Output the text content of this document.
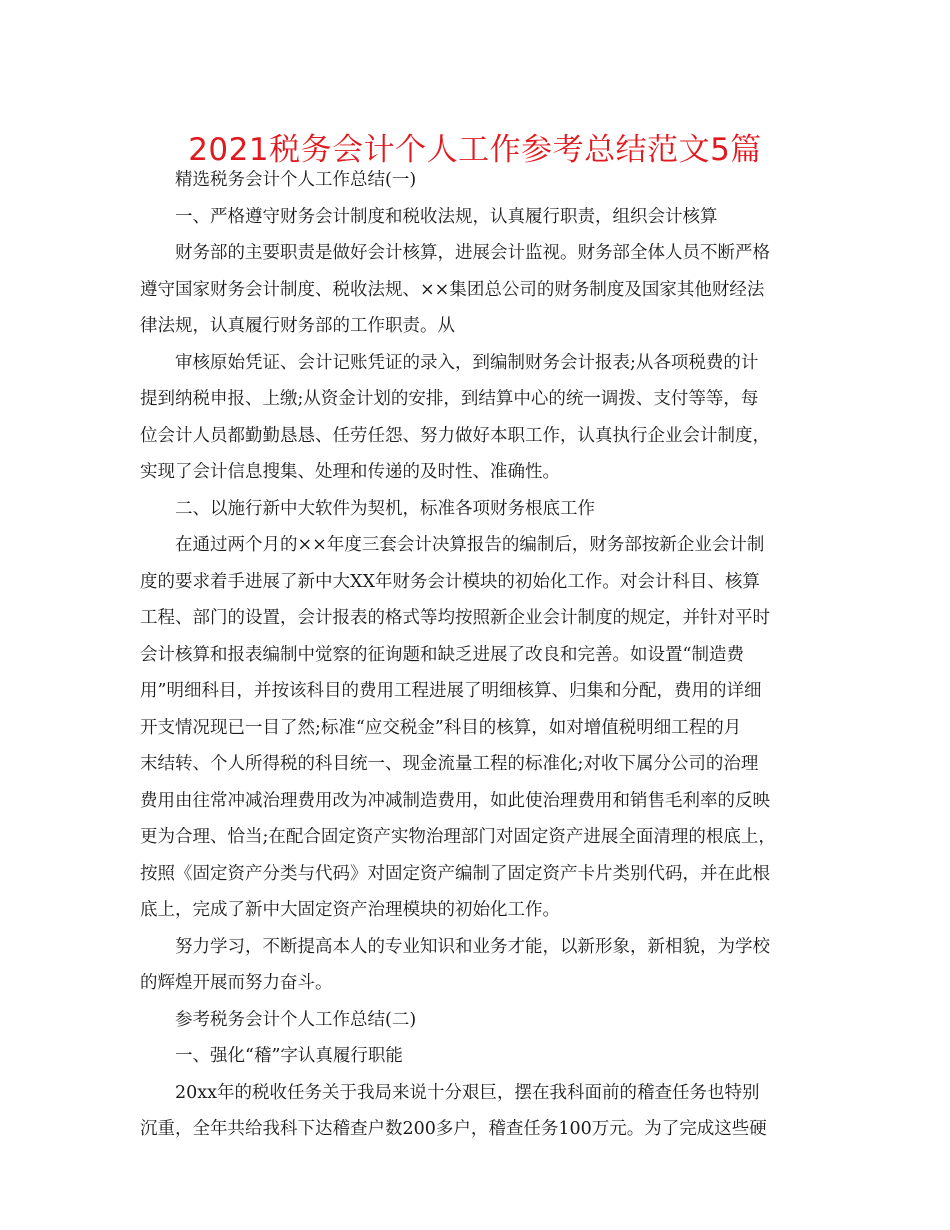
2021税务会计个人工作参考总结范文5篇
精选税务会计个人工作总结(一)
一、严格遵守财务会计制度和税收法规，认真履行职责，组织会计核算
财务部的主要职责是做好会计核算，进展会计监视。财务部全体人员不断严格
遵守国家财务会计制度、税收法规、××集团总公司的财务制度及国家其他财经法
律法规，认真履行财务部的工作职责。从
审核原始凭证、会计记账凭证的录入，到编制财务会计报表;从各项税费的计
提到纳税申报、上缴;从资金计划的安排，到结算中心的统一调拨、支付等等，每
位会计人员都勤勤恳恳、任劳任怨、努力做好本职工作，认真执行企业会计制度，
实现了会计信息搜集、处理和传递的及时性、准确性。
二、以施行新中大软件为契机，标准各项财务根底工作
在通过两个月的××年度三套会计决算报告的编制后，财务部按新企业会计制
度的要求着手进展了新中大XX年财务会计模块的初始化工作。对会计科目、核算
工程、部门的设置，会计报表的格式等均按照新企业会计制度的规定，并针对平时
会计核算和报表编制中觉察的征询题和缺乏进展了改良和完善。如设置“制造费
用”明细科目，并按该科目的费用工程进展了明细核算、归集和分配，费用的详细
开支情况现已一目了然;标准“应交税金”科目的核算，如对增值税明细工程的月
末结转、个人所得税的科目统一、现金流量工程的标准化;对收下属分公司的治理
费用由往常冲减治理费用改为冲减制造费用，如此使治理费用和销售毛利率的反映
更为合理、恰当;在配合固定资产实物治理部门对固定资产进展全面清理的根底上，
按照《固定资产分类与代码》对固定资产编制了固定资产卡片类别代码，并在此根
底上，完成了新中大固定资产治理模块的初始化工作。
努力学习，不断提高本人的专业知识和业务才能，以新形象，新相貌，为学校
的辉煌开展而努力奋斗。
参考税务会计个人工作总结(二)
一、强化“稽”字认真履行职能
20xx年的税收任务关于我局来说十分艰巨，摆在我科面前的稽查任务也特别
沉重，全年共给我科下达稽查户数200多户，稽查任务100万元。为了完成这些硬
